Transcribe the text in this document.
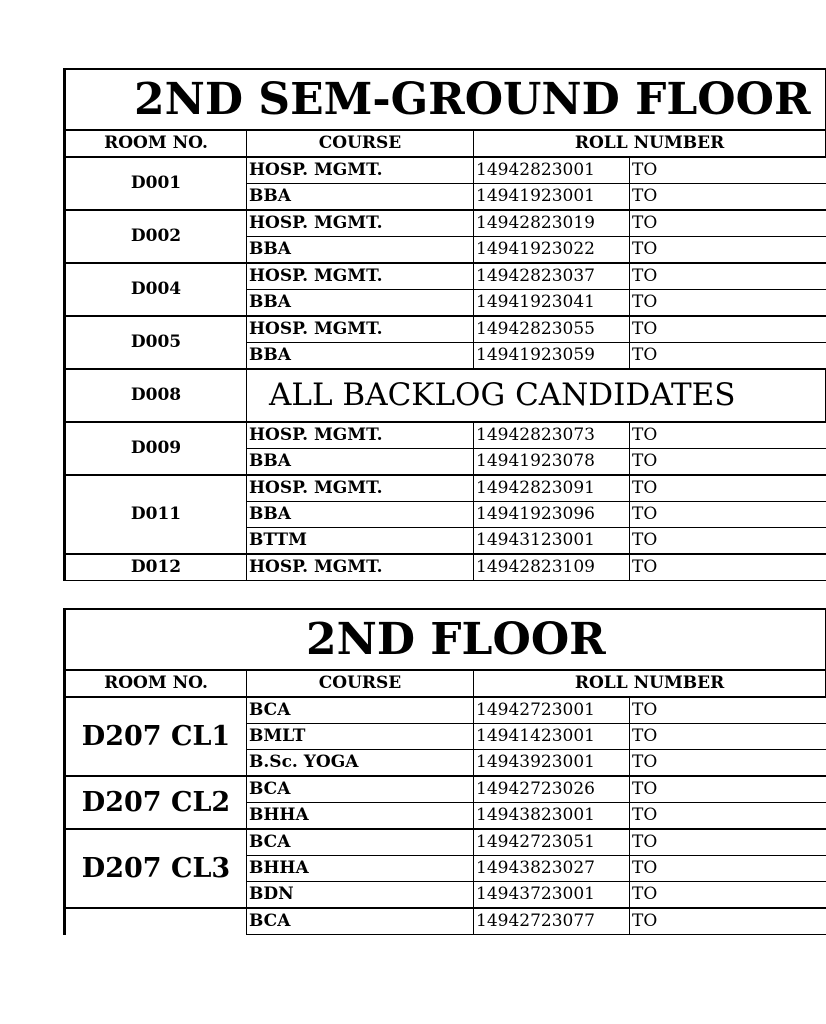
2ND SEM-GROUND FLOOR			
ROOM NO.	COURSE	ROLL NUMBER	
D001	HOSP. MGMT.	14942823001	TO
	BBA	14941923001	TO
D002	HOSP. MGMT.	14942823019	TO
	BBA	14941923022	TO
D004	HOSP. MGMT.	14942823037	TO
	BBA	14941923041	TO
D005	HOSP. MGMT.	14942823055	TO
	BBA	14941923059	TO
D008	ALL BACKLOG CANDIDATES		
D009	HOSP. MGMT.	14942823073	TO
	BBA	14941923078	TO
D011	HOSP. MGMT.	14942823091	TO
	BBA	14941923096	TO
	BTTM	14943123001	TO
D012	HOSP. MGMT.	14942823109	TO
2ND FLOOR			
ROOM NO.	COURSE	ROLL NUMBER	
D207 CL1	BCA	14942723001	TO
	BMLT	14941423001	TO
	B.Sc. YOGA	14943923001	TO
D207 CL2	BCA	14942723026	TO
	BHHA	14943823001	TO
D207 CL3	BCA	14942723051	TO
	BHHA	14943823027	TO
	BDN	14943723001	TO
	BCA	14942723077	TO
